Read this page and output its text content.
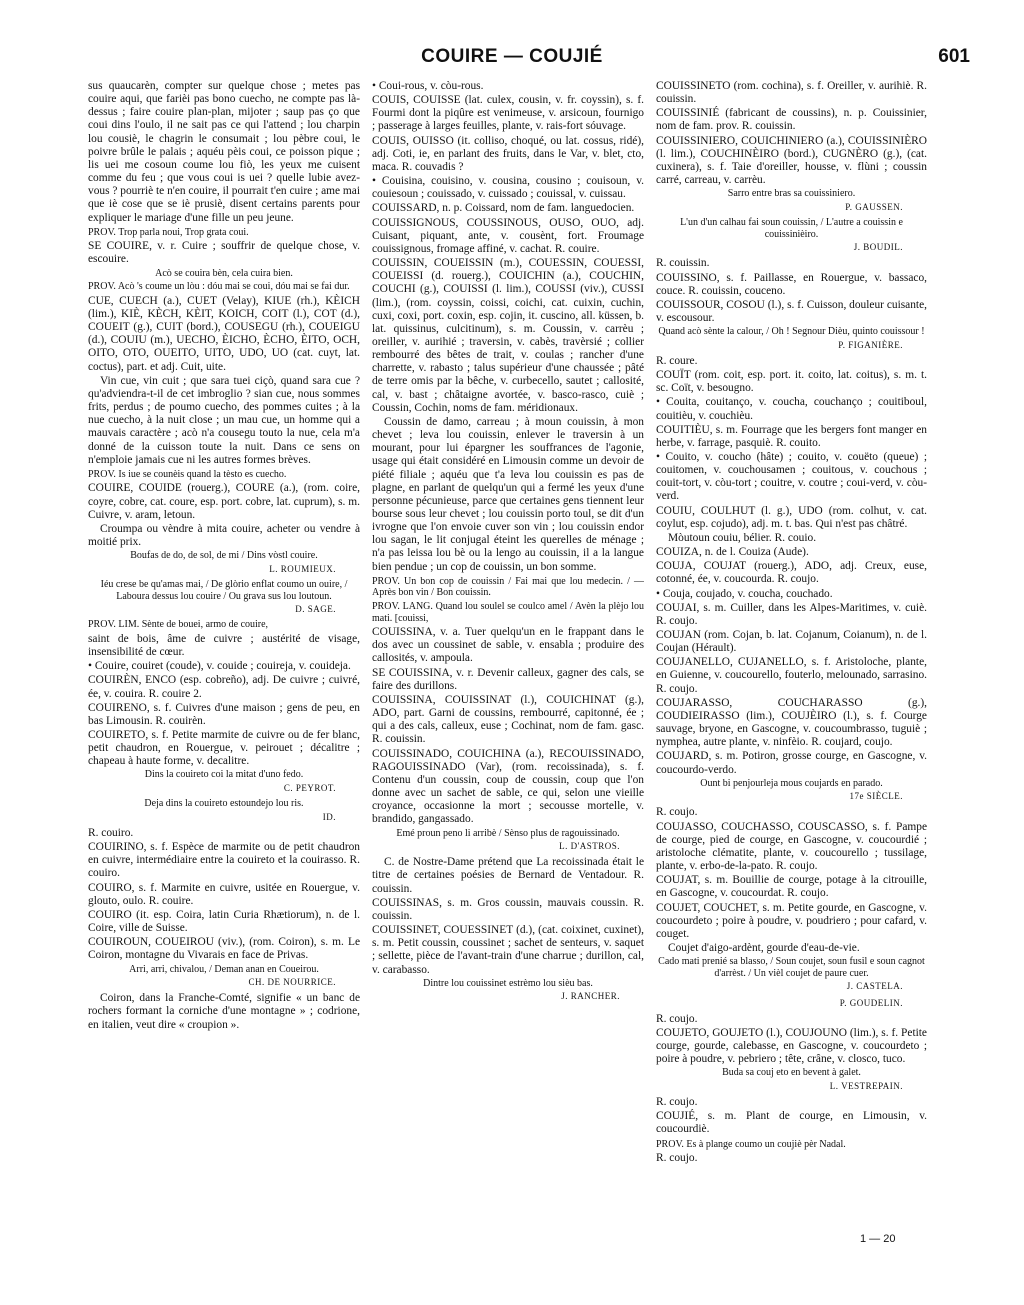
COUIRE — COUJIÉ	601
sus quaucarèn, compter sur quelque chose ; metes pas couire aqui, que farièi pas bono cuecho, ne compte pas là-dessus ; faire couire plan-plan, mijoter ; saup pas ço que coui dins l'oulo, il ne sait pas ce qui l'attend ; lou charpin lou cousiè, le chagrin le consumait ; lou pèbre coui, le poivre brûle le palais ; aquéu pèis coui, ce poisson pique ; lis uei me cosoun coume lou fiò, les yeux me cuisent comme du feu ; que vous coui is uei ? quelle lubie avez-vous ? pourriè te n'en couire, il pourrait t'en cuire ; ame mai que iè cose que se iè prusiè, disent certains parents pour expliquer le mariage d'une fille un peu jeune.
PROV. Trop parla noui, Trop grata coui.
SE COUIRE, v. r. Cuire ; souffrir de quelque chose, v. escouire.
Acò se couira bèn, cela cuira bien.
PROV. Acò 's coume un lòu : dóu mai se coui, dóu mai se fai dur.
CUE, CUECH (a.), CUET (Velay), KIUE (rh.), KÈICH (lim.), KIÈ, KÈCH, KÈIT, KOICH, COIT (l.), COT (d.), COUEIT (g.), CUIT (bord.), COUSEGU (rh.), COUEIGU (d.), COUIU (m.), UECHO, ÈICHO, ÈCHO, ÈITO, OCH, OITO, OTO, OUEITO, UITO, UDO, UO (cat. cuyt, lat. coctus), part. et adj. Cuit, uite.
Vin cue, vin cuit ; que sara tuei ciçò, quand sara cue ? qu'adviendra-t-il de cet imbroglio ? sian cue, nous sommes frits, perdus ; de poumo cuecho, des pommes cuites ; à la nue cuecho, à la nuit close ; un mau cue, un homme qui a mauvais caractère ; acò n'a cousegu touto la nue, cela m'a donné de la cuisson toute la nuit. Dans ce sens on n'emploie jamais cue ni les autres formes brèves.
PROV. Is iue se counèis quand la tèsto es cuecho.
COUIRE, COUIDE (rouerg.), COURE (a.), (rom. coire, coyre, cobre, cat. coure, esp. port. cobre, lat. cuprum), s. m. Cuivre, v. aram, letoun.
Croumpa ou vèndre à mita couire, acheter ou vendre à moitié prix.
Boufas de do, de sol, de mi / Dins vòstl couire.
L. ROUMIEUX.
Iéu crese be qu'amas mai, / De glòrio enflat coumo un ouire, / Laboura dessus lou couire / Ou grava sus lou loutoun.
D. SAGE.
PROV. LIM. Sènte de bouei, armo de couire,
saint de bois, âme de cuivre ; austérité de visage, insensibilité de cœur.
• Couire, couiret (coude), v. couide ; couireja, v. couideja.
COUIRÈN, ENCO (esp. cobreño), adj. De cuivre ; cuivré, ée, v. couira. R. couire 2.
COUIRENO, s. f. Cuivres d'une maison ; gens de peu, en bas Limousin. R. couirèn.
COUIRETO, s. f. Petite marmite de cuivre ou de fer blanc, petit chaudron, en Rouergue, v. peirouet ; décalitre ; chapeau à haute forme, v. decalitre.
Dins la couireto coi la mitat d'uno fedo.
C. PEYROT.
Deja dins la couireto estoundejo lou ris.
ID.
R. couiro.
COUIRINO, s. f. Espèce de marmite ou de petit chaudron en cuivre, intermédiaire entre la couireto et la couirasso. R. couiro.
COUIRO, s. f. Marmite en cuivre, usitée en Rouergue, v. glouto, oulo. R. couire.
COUIRO (it. esp. Coira, latin Curia Rhætiorum), n. de l. Coire, ville de Suisse.
COUIROUN, COUEIROU (viv.), (rom. Coiron), s. m. Le Coiron, montagne du Vivarais en face de Privas.
Arri, arri, chivalou, / Deman anan en Coueirou.
CH. DE NOURRICE.
Coiron, dans la Franche-Comté, signifie « un banc de rochers formant la corniche d'une montagne » ; codrione, en italien, veut dire « croupion ».
• Coui-rous, v. còu-rous.
COUIS, COUISSE (lat. culex, cousin, v. fr. coyssin), s. f. Fourmi dont la piqûre est venimeuse, v. arsicoun, fournigo ; passerage à larges feuilles, plante, v. rais-fort sóuvage.
COUIS, OUISSO (it. colliso, choqué, ou lat. cossus, ridé), adj. Coti, ie, en parlant des fruits, dans le Var, v. blet, cto, maca. R. couvadis ?
• Couisina, couisino, v. cousina, cousino ; couisoun, v. couiesoun ; couissado, v. cuissado ; couissal, v. cuissau.
COUISSARD, n. p. Coissard, nom de fam. languedocien.
COUISSIGNOUS, COUSSINOUS, OUSO, OUO, adj. Cuisant, piquant, ante, v. cousènt, fort. Froumage couissignous, fromage affiné, v. cachat. R. couire.
COUISSIN, COUEISSIN (m.), COUESSIN, COUESSI, COUEISSI (d. rouerg.), COUICHIN (a.), COUCHIN, COUCHI (g.), COUISSI (l. lim.), COUSSI (viv.), CUSSI (lim.), (rom. coyssin, coissi, coichi, cat. cuixin, cuchin, cuxi, coxi, port. coxin, esp. cojin, it. cuscino, all. küssen, b. lat. quissinus, culcitinum), s. m. Coussin, v. carrèu ; oreiller, v. aurihié ; traversin, v. cabès, travèrsié ; collier rembourré des bêtes de trait, v. coulas ; rancher d'une charrette, v. rabasto ; talus supérieur d'une chaussée ; pâté de terre omis par la bêche, v. curbecello, sautet ; callosité, cal, v. bast ; châtaigne avortée, v. basco-rasco, cuiè ; Coussin, Cochin, noms de fam. méridionaux.
Coussin de damo, carreau ; à moun couissin, à mon chevet ; leva lou couissin, enlever le traversin à un mourant, pour lui épargner les souffrances de l'agonie, usage qui était considéré en Limousin comme un devoir de piété filiale ; aquéu que t'a leva lou couissin es pas de plagne, en parlant de quelqu'un qui a fermé les yeux d'une personne pécunieuse, parce que certaines gens tiennent leur bourse sous leur chevet ; lou couissin porto toul, se dit d'un ivrogne que l'on envoie cuver son vin ; lou couissin endor lou sagan, le lit conjugal éteint les querelles de ménage ; n'a pas leissa lou bè ou la lengo au couissin, il a la langue bien pendue ; un cop de couissin, un bon somme.
PROV. Un bon cop de couissin / Fai mai que lou medecin. / — Après bon vin / Bon couissin.
PROV. LANG. Quand lou soulel se coulco amel / Avèn la plèjo lou mati. [couissi,
COUISSINA, v. a. Tuer quelqu'un en le frappant dans le dos avec un coussinet de sable, v. ensabla ; produire des callosités, v. ampoula.
SE COUISSINA, v. r. Devenir calleux, gagner des cals, se faire des durillons.
COUISSINA, COUISSINAT (l.), COUICHINAT (g.), ADO, part. Garni de coussins, rembourré, capitonné, ée ; qui a des cals, calleux, euse ; Cochinat, nom de fam. gasc. R. couissin.
COUISSINADO, COUICHINA (a.), RECOUISSINADO, RAGOUISSINADO (Var), (rom. recoissinada), s. f. Contenu d'un coussin, coup de coussin, coup que l'on donne avec un sachet de sable, ce qui, selon une vieille croyance, occasionne la mort ; secousse mortelle, v. brandido, gangassado.
Emé proun peno li arribè / Sènso plus de ragouissinado.
L. D'ASTROS.
C. de Nostre-Dame prétend que La recoissinada était le titre de certaines poésies de Bernard de Ventadour. R. couissin.
COUISSINAS, s. m. Gros coussin, mauvais coussin. R. couissin.
COUISSINET, COUESSINET (d.), (cat. coixinet, cuxinet), s. m. Petit coussin, coussinet ; sachet de senteurs, v. saquet ; sellette, pièce de l'avant-train d'une charrue ; durillon, cal, v. carabasso.
Dintre lou couissinet estrèmo lou sièu bas.
J. RANCHER.
COUISSINETO (rom. cochina), s. f. Oreiller, v. aurihiè. R. couissin.
COUISSINIÉ (fabricant de coussins), n. p. Couissinier, nom de fam. prov. R. couissin.
COUISSINIERO, COUICHINIERO (a.), COUISSINIÈRO (l. lim.), COUCHINÈIRO (bord.), CUGNÈRO (g.), (cat. cuxinera), s. f. Taie d'oreiller, housse, v. flùni ; coussin carré, carreau, v. carrèu.
Sarro entre bras sa couissiniero.
P. GAUSSEN.
L'un d'un calhau fai soun couissin, / L'autre a couissin e couissinièiro.
J. BOUDIL.
R. couissin.
COUISSINO, s. f. Paillasse, en Rouergue, v. bassaco, couce. R. couissin, couceno.
COUISSOUR, COSOU (l.), s. f. Cuisson, douleur cuisante, v. escousour.
Quand acò sènte la calour, / Oh ! Segnour Dièu, quinto couissour !
P. FIGANIÈRE.
R. coure.
COUÏT (rom. coit, esp. port. it. coito, lat. coitus), s. m. t. sc. Coït, v. besougno.
• Couita, couitanço, v. coucha, couchanço ; couitiboul, couitièu, v. couchièu.
COUITIÈU, s. m. Fourrage que les bergers font manger en herbe, v. farrage, pasquiè. R. couito.
• Couito, v. coucho (hâte) ; couito, v. couëto (queue) ; couitomen, v. couchousamen ; couitous, v. couchous ; couit-tort, v. còu-tort ; couitre, v. coutre ; coui-verd, v. còu-verd.
COUIU, COULHUT (l. g.), UDO (rom. colhut, v. cat. coylut, esp. cojudo), adj. m. t. bas. Qui n'est pas châtré.
Mòutoun couiu, bélier. R. couio.
COUIZA, n. de l. Couiza (Aude).
COUJA, COUJAT (rouerg.), ADO, adj. Creux, euse, cotonné, ée, v. coucourda. R. coujo.
• Couja, coujado, v. coucha, couchado.
COUJAI, s. m. Cuiller, dans les Alpes-Maritimes, v. cuiè. R. coujo.
COUJAN (rom. Cojan, b. lat. Cojanum, Coianum), n. de l. Coujan (Hérault).
COUJANELLO, CUJANELLO, s. f. Aristoloche, plante, en Guienne, v. coucourello, fouterlo, melounado, sarrasino. R. coujo.
COUJARASSO, COUCHARASSO (g.), COUDIEIRASSO (lim.), COUJÈIRO (l.), s. f. Courge sauvage, bryone, en Gascogne, v. coucoumbrasso, tuguiè ; nymphea, autre plante, v. ninfèio. R. coujard, coujo.
COUJARD, s. m. Potiron, grosse courge, en Gascogne, v. coucourdo-verdo.
Ount bi penjourleja mous coujards en parado.
17e SIÈCLE.
R. coujo.
COUJASSO, COUCHASSO, COUSCASSO, s. f. Pampe de courge, pied de courge, en Gascogne, v. coucourdié ; aristoloche clématite, plante, v. coucourello ; tussilage, plante, v. erbo-de-la-pato. R. coujo.
COUJAT, s. m. Bouillie de courge, potage à la citrouille, en Gascogne, v. coucourdat. R. coujo.
COUJET, COUCHET, s. m. Petite gourde, en Gascogne, v. coucourdeto ; poire à poudre, v. poudriero ; pour cafard, v. couget.
Coujet d'aigo-ardènt, gourde d'eau-de-vie.
Cado mati prenié sa blasso, / Soun coujet, soun fusil e soun cagnot d'arrèst. / Un vièl coujet de paure cuer.
J. CASTELA.
P. GOUDELIN.
R. coujo.
COUJETO, GOUJETO (l.), COUJOUNO (lim.), s. f. Petite courge, gourde, calebasse, en Gascogne, v. coucourdeto ; poire à poudre, v. pebriero ; tête, crâne, v. closco, tuco.
Buda sa couj eto en bevent à galet.
L. VESTREPAIN.
R. coujo.
COUJIÉ, s. m. Plant de courge, en Limousin, v. coucourdiè.
PROV. Es à plange coumo un coujiè pèr Nadal.
R. coujo.
1 — 20
